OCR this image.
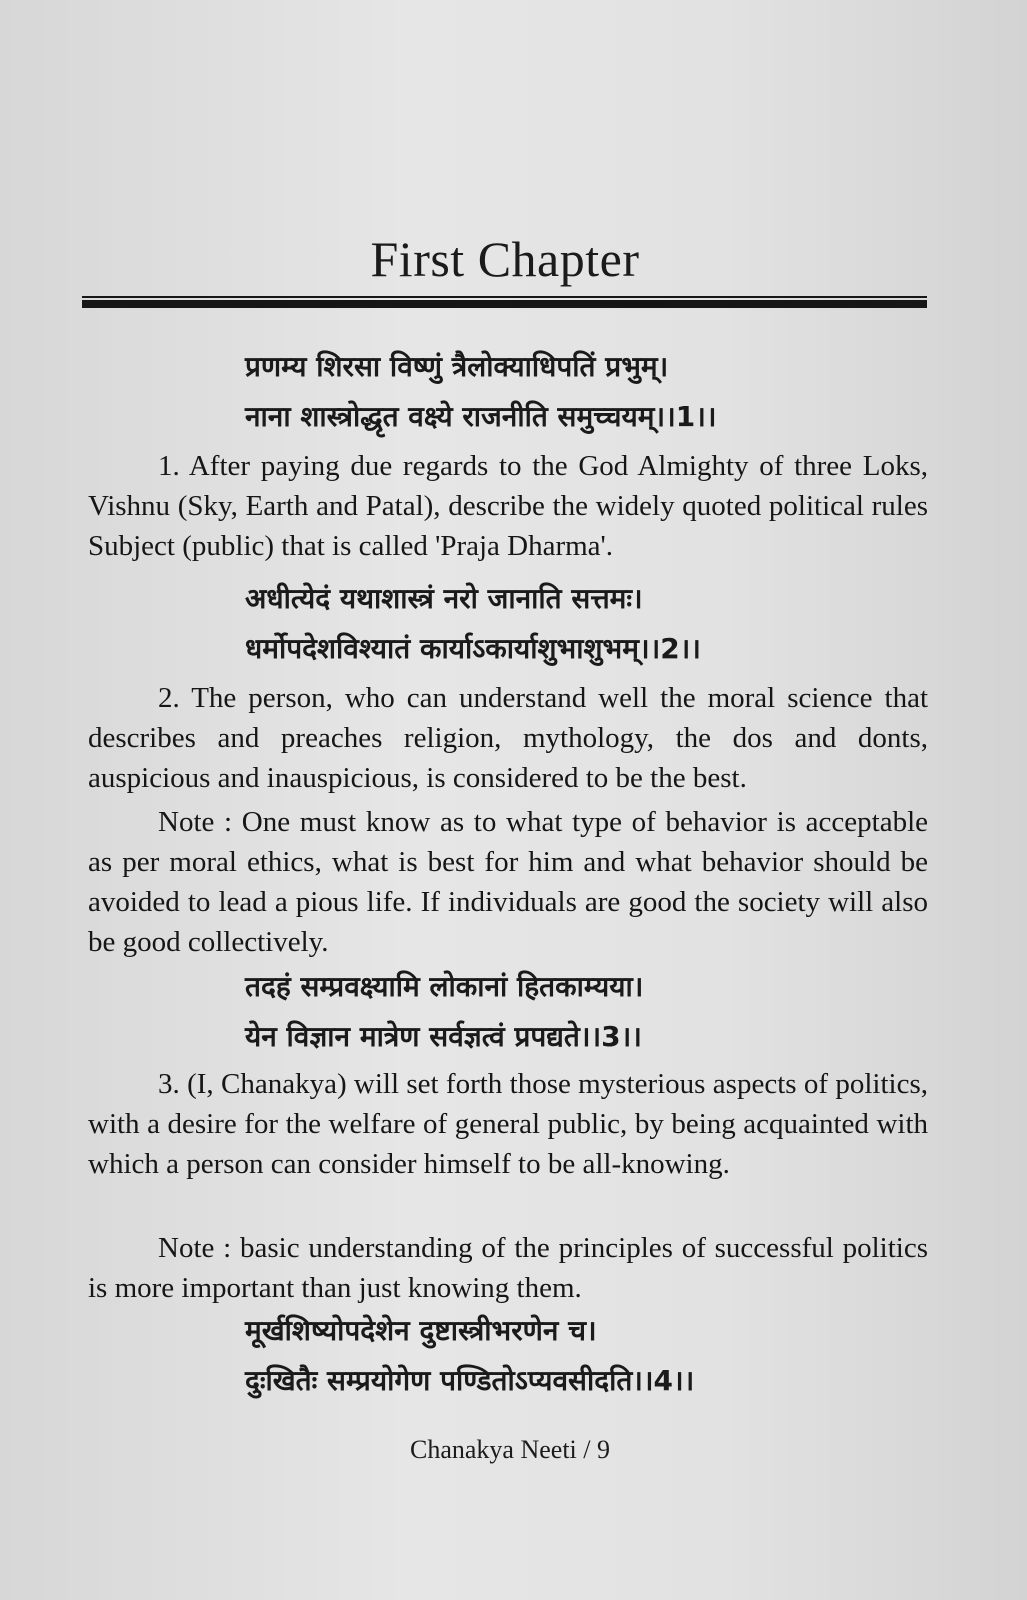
First Chapter
प्रणम्य शिरसा विष्णुं त्रैलोक्याधिपतिं प्रभुम्।
नाना शास्त्रोद्धृत वक्ष्ये राजनीति समुच्चयम्।।1।।
1. After paying due regards to the God Almighty of three Loks, Vishnu (Sky, Earth and Patal), describe the widely quoted political rules Subject (public) that is called 'Praja Dharma'.
अधीत्येदं यथाशास्त्रं नरो जानाति सत्तमः।
धर्मोपदेशविश्यातं कार्याऽकार्याशुभाशुभम्।।2।।
2. The person, who can understand well the moral science that describes and preaches religion, mythology, the dos and donts, auspicious and inauspicious, is considered to be the best.
Note : One must know as to what type of behavior is acceptable as per moral ethics, what is best for him and what behavior should be avoided to lead a pious life. If individuals are good the society will also be good collectively.
तदहं सम्प्रवक्ष्यामि लोकानां हितकाम्यया।
येन विज्ञान मात्रेण सर्वज्ञत्वं प्रपद्यते।।3।।
3. (I, Chanakya) will set forth those mysterious aspects of politics, with a desire for the welfare of general public, by being acquainted with which a person can consider himself to be all-knowing.
Note : basic understanding of the principles of successful politics is more important than just knowing them.
मूर्खशिष्योपदेशेन दुष्टास्त्रीभरणेन च।
दुःखितैः सम्प्रयोगेण पण्डितोऽप्यवसीदति।।4।।
Chanakya Neeti / 9
